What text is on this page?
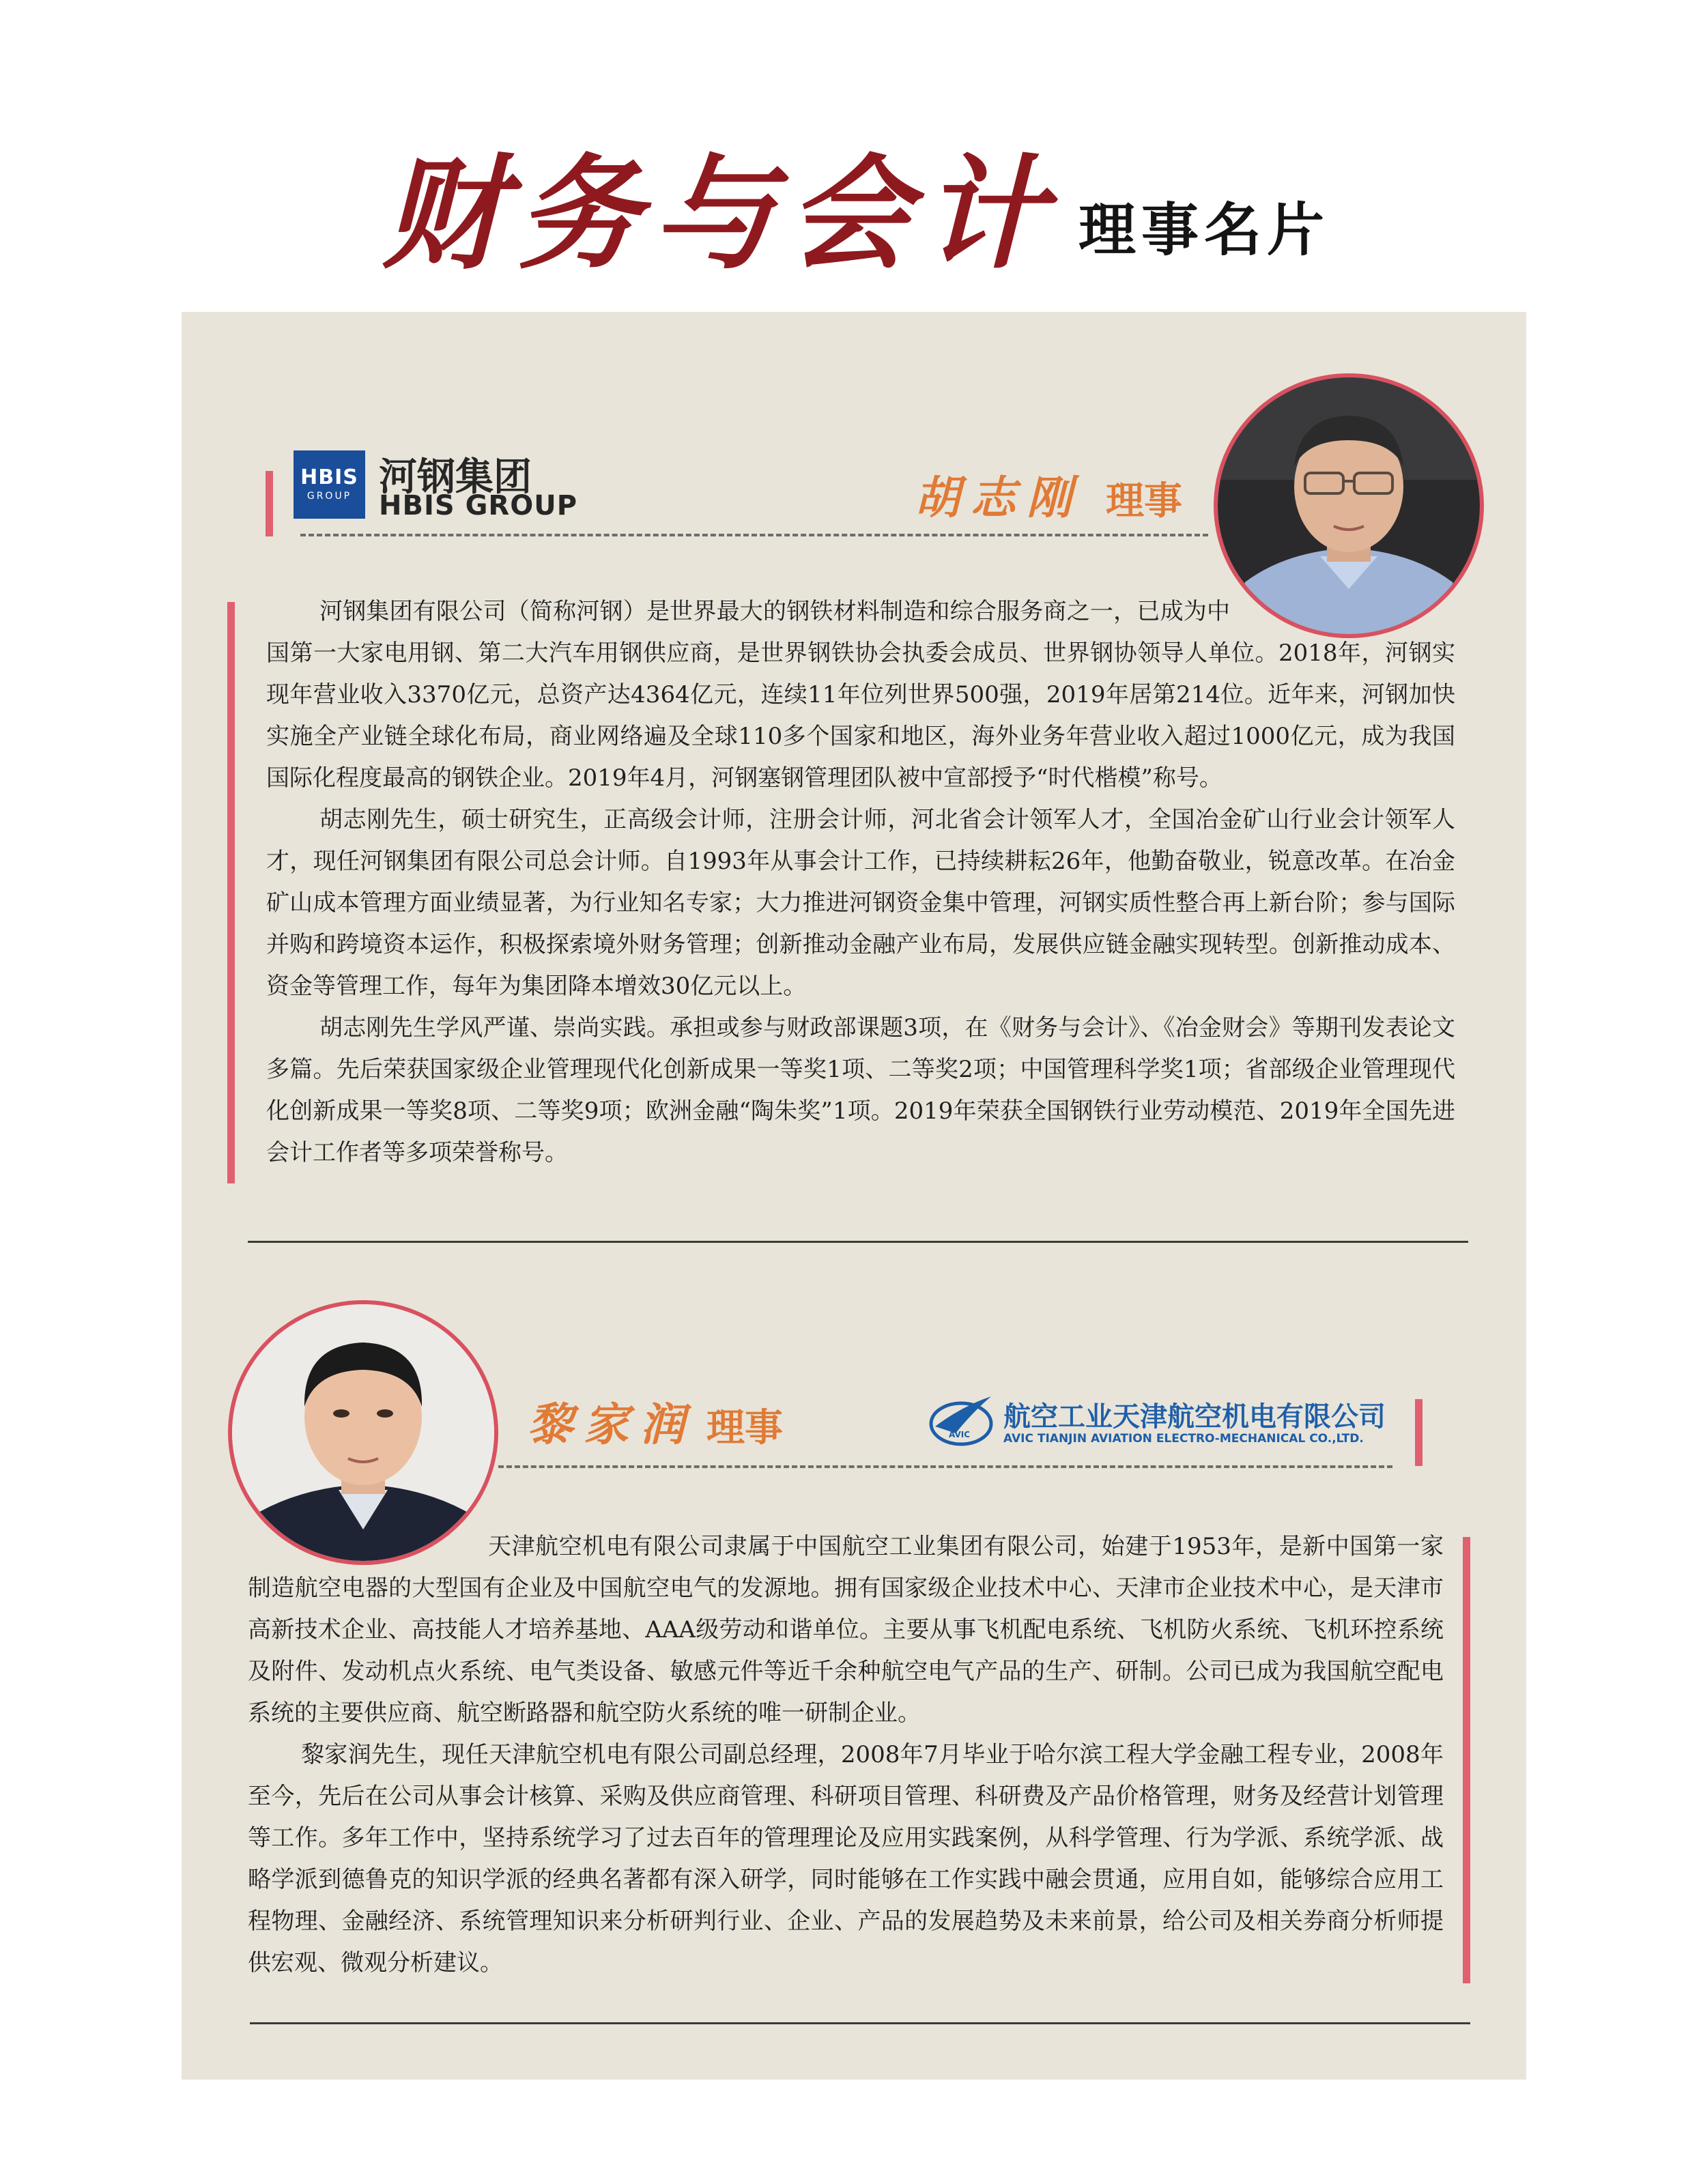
财务与会计 理事名片
HBIS
GROUP 河钢集团
HBIS GROUP	胡志刚 理事

河钢集团有限公司（简称河钢）是世界最大的钢铁材料制造和综合服务商之一，已成为中国第一大家电用钢、第二大汽车用钢供应商，是世界钢铁协会执委会成员、世界钢协领导人单位。2018年，河钢实现年营业收入3370亿元，总资产达4364亿元，连续11年位列世界500强，2019年居第214位。近年来，河钢加快实施全产业链全球化布局，商业网络遍及全球110多个国家和地区，海外业务年营业收入超过1000亿元，成为我国国际化程度最高的钢铁企业。2019年4月，河钢塞钢管理团队被中宣部授予“时代楷模”称号。

胡志刚先生，硕士研究生，正高级会计师，注册会计师，河北省会计领军人才，全国冶金矿山行业会计领军人才，现任河钢集团有限公司总会计师。自1993年从事会计工作，已持续耕耘26年，他勤奋敬业，锐意改革。在冶金矿山成本管理方面业绩显著，为行业知名专家；大力推进河钢资金集中管理，河钢实质性整合再上新台阶；参与国际并购和跨境资本运作，积极探索境外财务管理；创新推动金融产业布局，发展供应链金融实现转型。创新推动成本、资金等管理工作，每年为集团降本增效30亿元以上。

胡志刚先生学风严谨、崇尚实践。承担或参与财政部课题3项，在《财务与会计》、《冶金财会》等期刊发表论文多篇。先后荣获国家级企业管理现代化创新成果一等奖1项、二等奖2项；中国管理科学奖1项；省部级企业管理现代化创新成果一等奖8项、二等奖9项；欧洲金融“陶朱奖”1项。2019年荣获全国钢铁行业劳动模范、2019年全国先进会计工作者等多项荣誉称号。

黎家润 理事	AVIC
航空工业天津航空机电有限公司
AVIC TIANJIN AVIATION ELECTRO-MECHANICAL CO.,LTD.

天津航空机电有限公司隶属于中国航空工业集团有限公司，始建于1953年，是新中国第一家制造航空电器的大型国有企业及中国航空电气的发源地。拥有国家级企业技术中心、天津市企业技术中心，是天津市高新技术企业、高技能人才培养基地、AAA级劳动和谐单位。主要从事飞机配电系统、飞机防火系统、飞机环控系统及附件、发动机点火系统、电气类设备、敏感元件等近千余种航空电气产品的生产、研制。公司已成为我国航空配电系统的主要供应商、航空断路器和航空防火系统的唯一研制企业。

黎家润先生，现任天津航空机电有限公司副总经理，2008年7月毕业于哈尔滨工程大学金融工程专业，2008年至今，先后在公司从事会计核算、采购及供应商管理、科研项目管理、科研费及产品价格管理，财务及经营计划管理等工作。多年工作中，坚持系统学习了过去百年的管理理论及应用实践案例，从科学管理、行为学派、系统学派、战略学派到德鲁克的知识学派的经典名著都有深入研学，同时能够在工作实践中融会贯通，应用自如，能够综合应用工程物理、金融经济、系统管理知识来分析研判行业、企业、产品的发展趋势及未来前景，给公司及相关券商分析师提供宏观、微观分析建议。
